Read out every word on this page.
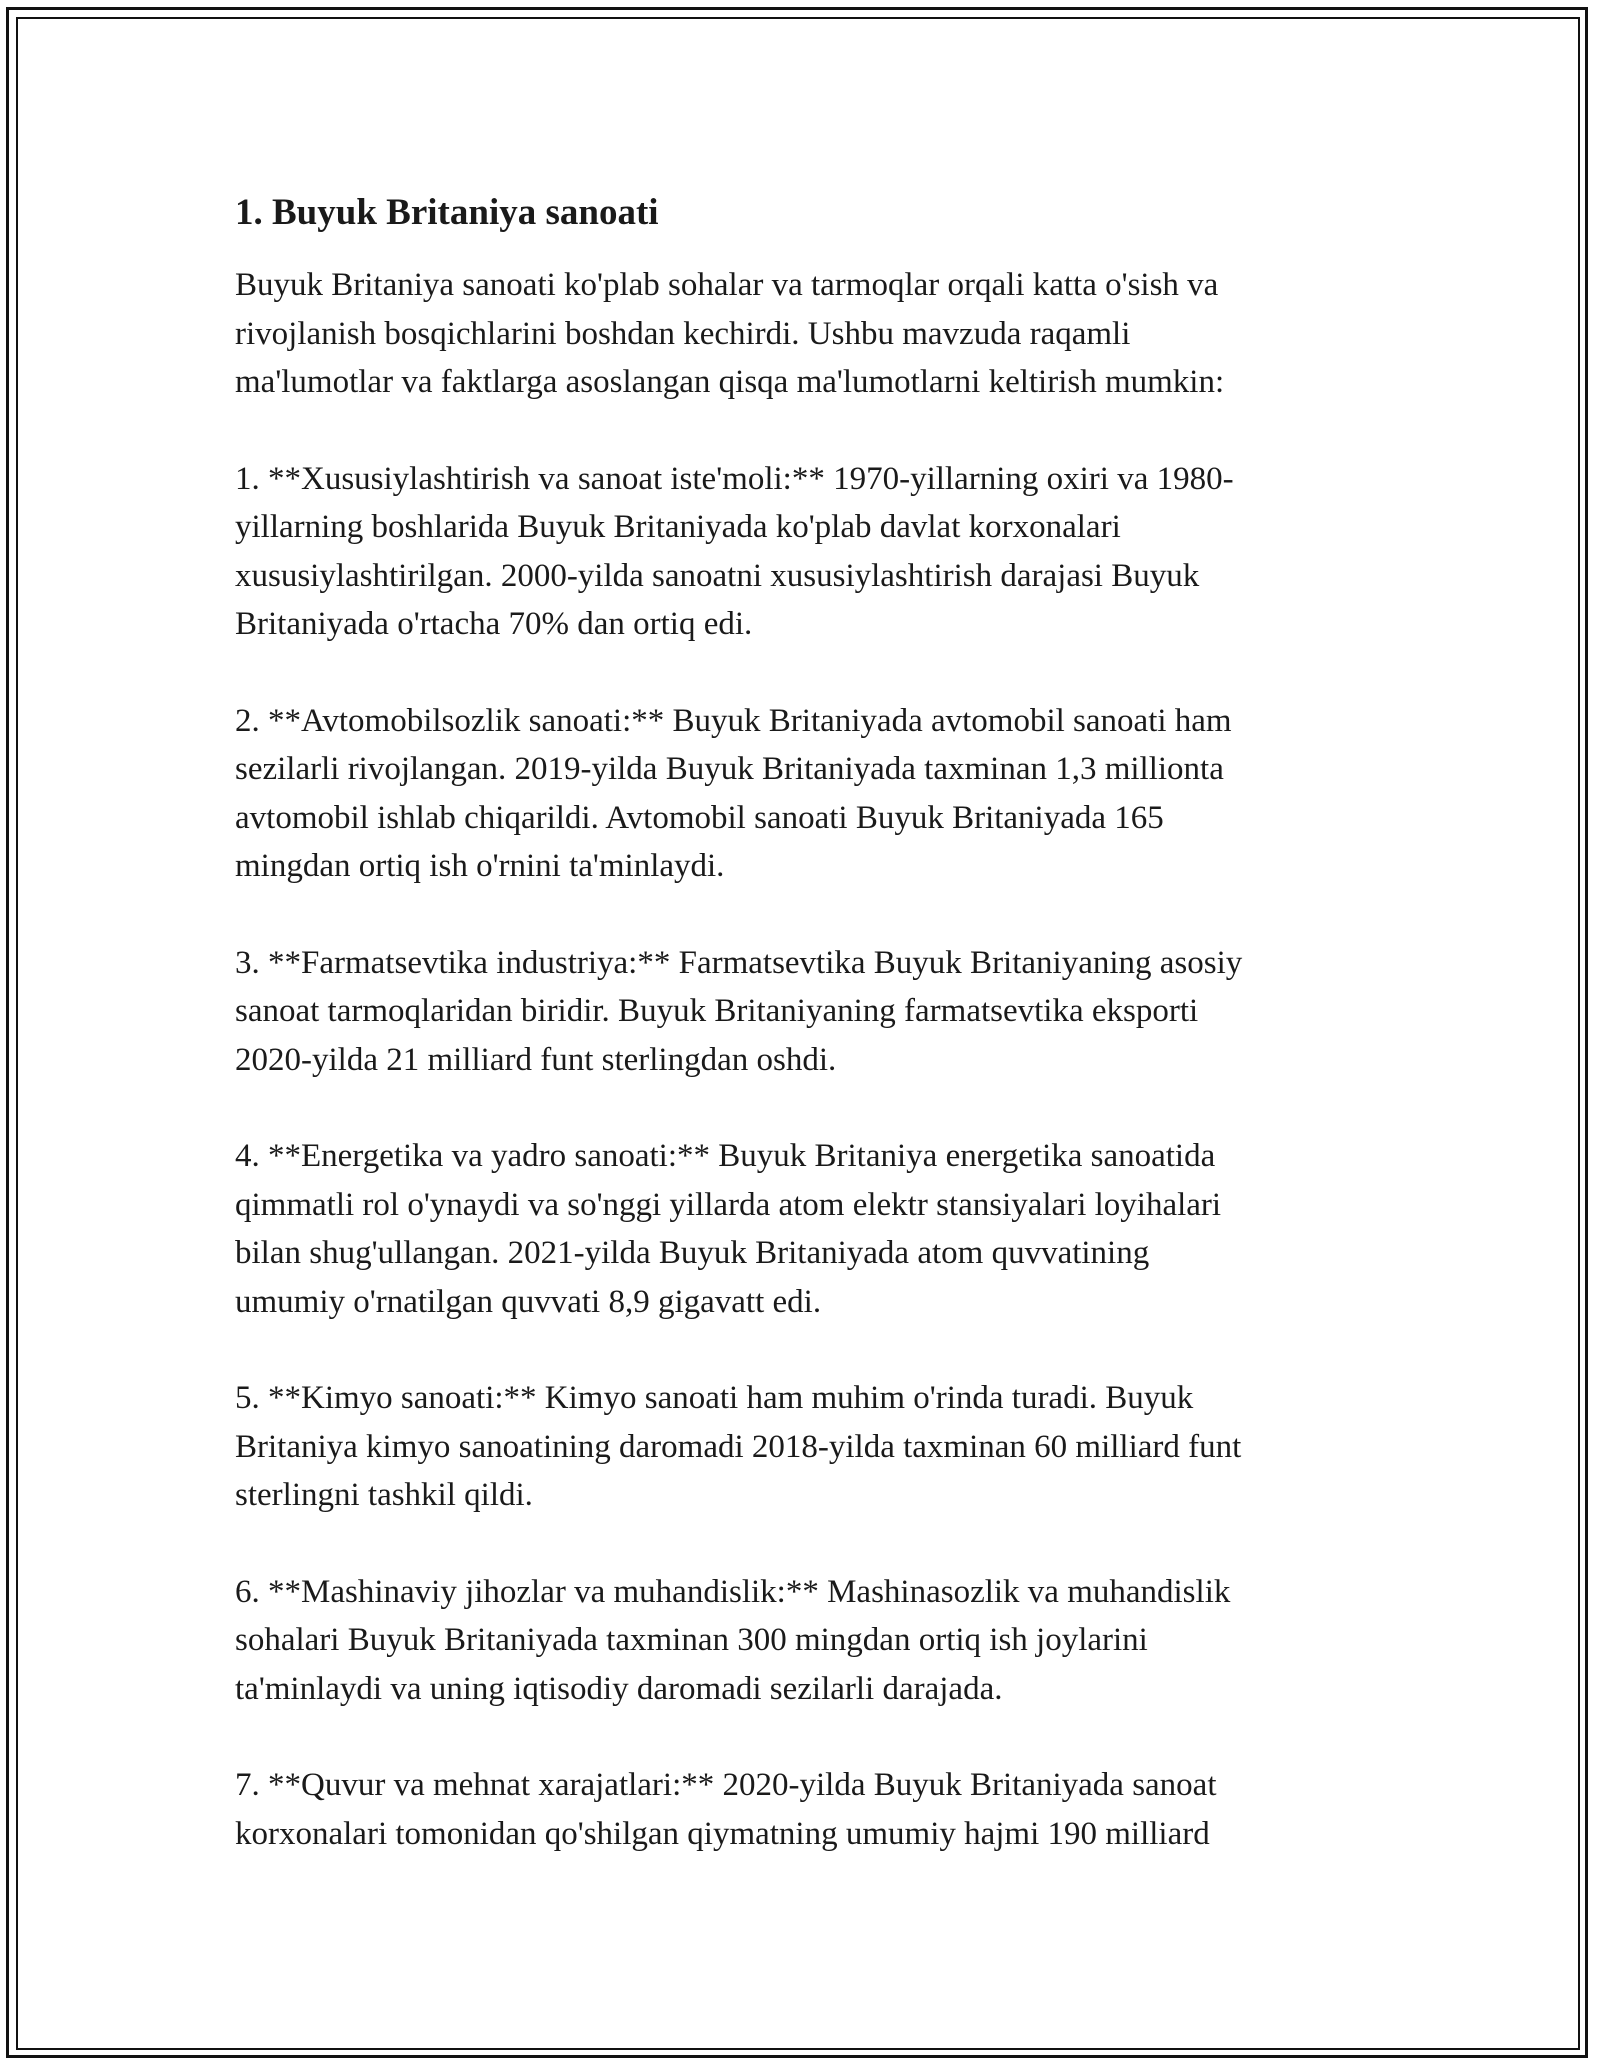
1. Buyuk Britaniya sanoati

Buyuk Britaniya sanoati ko'plab sohalar va tarmoqlar orqali katta o'sish va
rivojlanish bosqichlarini boshdan kechirdi. Ushbu mavzuda raqamli
ma'lumotlar va faktlarga asoslangan qisqa ma'lumotlarni keltirish mumkin:

1. **Xususiylashtirish va sanoat iste'moli:** 1970-yillarning oxiri va 1980-
yillarning boshlarida Buyuk Britaniyada ko'plab davlat korxonalari
xususiylashtirilgan. 2000-yilda sanoatni xususiylashtirish darajasi Buyuk
Britaniyada o'rtacha 70% dan ortiq edi.

2. **Avtomobilsozlik sanoati:** Buyuk Britaniyada avtomobil sanoati ham
sezilarli rivojlangan. 2019-yilda Buyuk Britaniyada taxminan 1,3 millionta
avtomobil ishlab chiqarildi. Avtomobil sanoati Buyuk Britaniyada 165
mingdan ortiq ish o'rnini ta'minlaydi.

3. **Farmatsevtika industriya:** Farmatsevtika Buyuk Britaniyaning asosiy
sanoat tarmoqlaridan biridir. Buyuk Britaniyaning farmatsevtika eksporti
2020-yilda 21 milliard funt sterlingdan oshdi.

4. **Energetika va yadro sanoati:** Buyuk Britaniya energetika sanoatida
qimmatli rol o'ynaydi va so'nggi yillarda atom elektr stansiyalari loyihalari
bilan shug'ullangan. 2021-yilda Buyuk Britaniyada atom quvvatining
umumiy o'rnatilgan quvvati 8,9 gigavatt edi.

5. **Kimyo sanoati:** Kimyo sanoati ham muhim o'rinda turadi. Buyuk
Britaniya kimyo sanoatining daromadi 2018-yilda taxminan 60 milliard funt
sterlingni tashkil qildi.

6. **Mashinaviy jihozlar va muhandislik:** Mashinasozlik va muhandislik
sohalari Buyuk Britaniyada taxminan 300 mingdan ortiq ish joylarini
ta'minlaydi va uning iqtisodiy daromadi sezilarli darajada.

7. **Quvur va mehnat xarajatlari:** 2020-yilda Buyuk Britaniyada sanoat
korxonalari tomonidan qo'shilgan qiymatning umumiy hajmi 190 milliard
